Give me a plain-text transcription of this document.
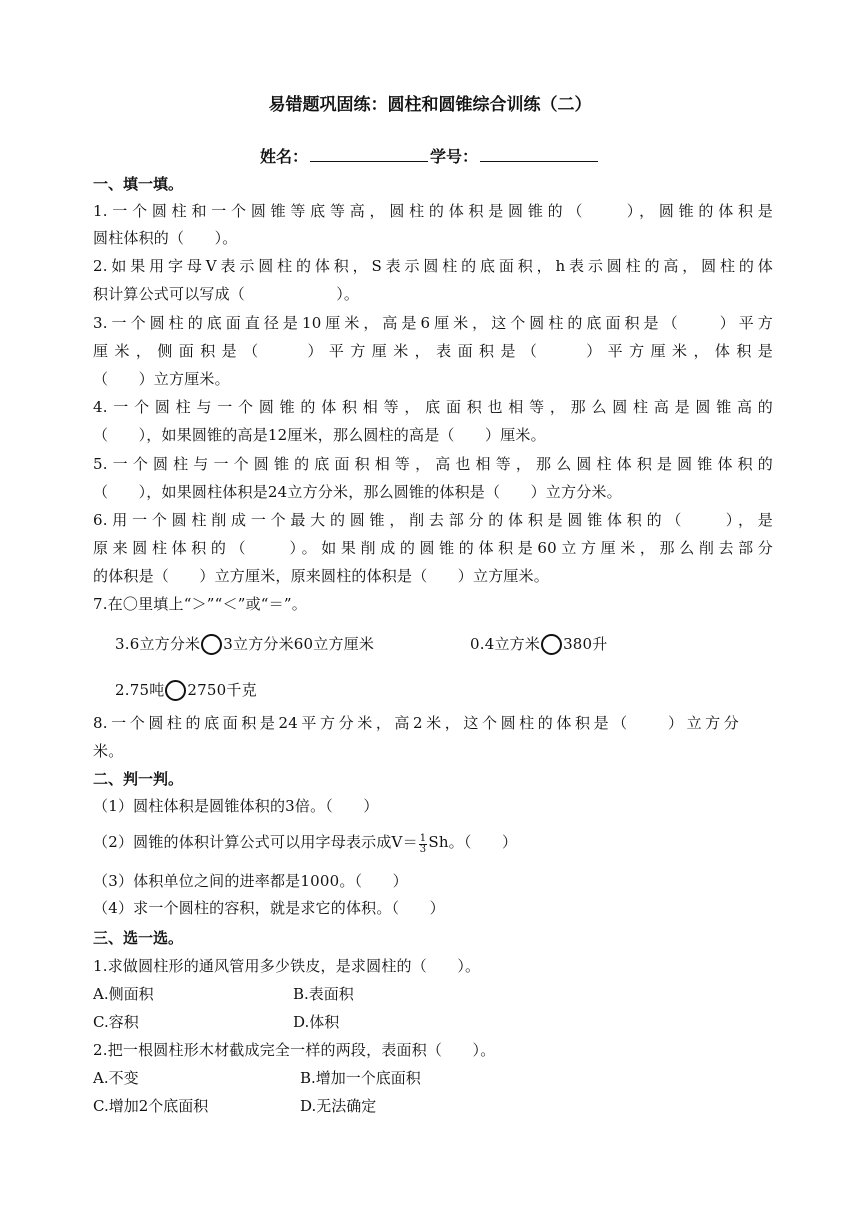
易错题巩固练：圆柱和圆锥综合训练（二）
姓名：	学号：
一、填一填。
1.一个圆柱和一个圆锥等底等高，圆柱的体积是圆锥的（　　），圆锥的体积是
圆柱体积的（　　）。
2.如果用字母V表示圆柱的体积，S表示圆柱的底面积，h表示圆柱的高，圆柱的体
积计算公式可以写成（　　　　　　）。
3.一个圆柱的底面直径是10厘米，高是6厘米，这个圆柱的底面积是（　　）平方
厘米，侧面积是（　　）平方厘米，表面积是（　　）平方厘米，体积是
（　　）立方厘米。
4.一个圆柱与一个圆锥的体积相等，底面积也相等，那么圆柱高是圆锥高的
（　　），如果圆锥的高是12厘米，那么圆柱的高是（　　）厘米。
5.一个圆柱与一个圆锥的底面积相等，高也相等，那么圆柱体积是圆锥体积的
（　　），如果圆柱体积是24立方分米，那么圆锥的体积是（　　）立方分米。
6.用一个圆柱削成一个最大的圆锥，削去部分的体积是圆锥体积的（　　），是
原来圆柱体积的（　　）。如果削成的圆锥的体积是60立方厘米，那么削去部分
的体积是（　　）立方厘米，原来圆柱的体积是（　　）立方厘米。
7.在〇里填上“＞”“＜”或“＝”。
3.6立方分米 3立方分米60立方厘米	0.4立方米 380升
2.75吨 2750千克
8.一个圆柱的底面积是24平方分米，高2米，这个圆柱的体积是（　　）立方分
米。
二、判一判。
（1）圆柱体积是圆锥体积的3倍。（　　）
（2）圆锥的体积计算公式可以用字母表示成$V= \frac{1}{3}$ Sh。（　　）
（3）体积单位之间的进率都是1000。（　　）
（4）求一个圆柱的容积，就是求它的体积。（　　）
三、选一选。
1.求做圆柱形的通风管用多少铁皮，是求圆柱的（　　）。
A.侧面积	B.表面积
C.容积	D.体积
2.把一根圆柱形木材截成完全一样的两段，表面积（　　）。
A.不变	B.增加一个底面积
C.增加2个底面积	D.无法确定
